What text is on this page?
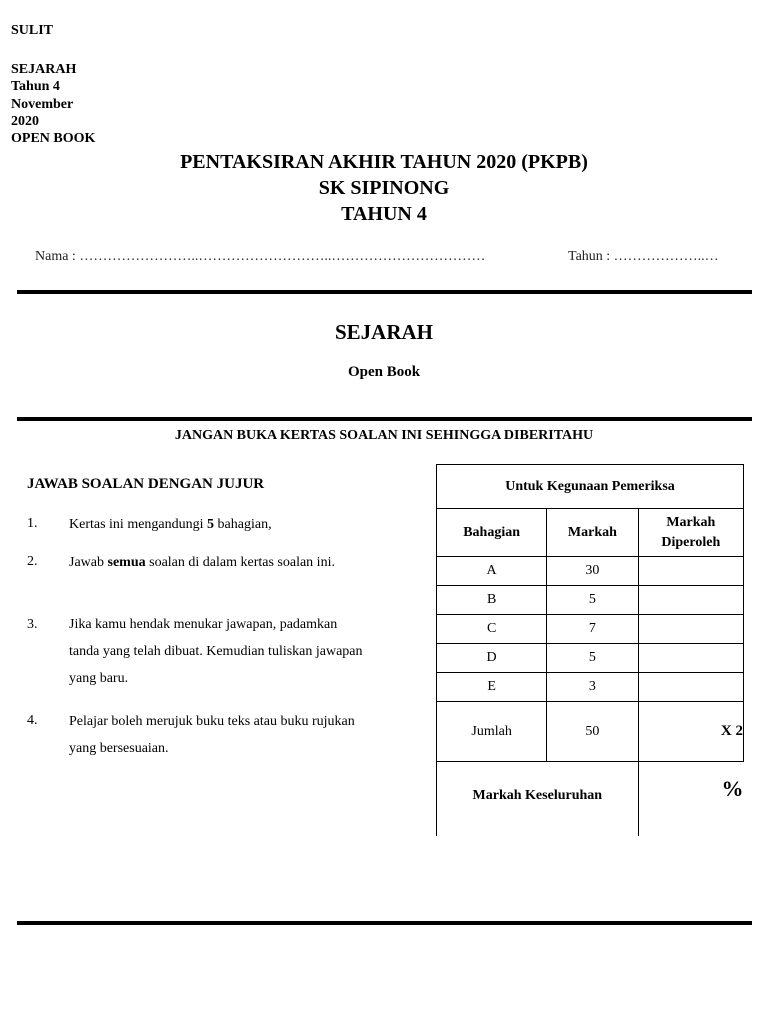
SULIT
SEJARAH
Tahun 4
November
2020
OPEN BOOK
PENTAKSIRAN AKHIR TAHUN 2020 (PKPB)
SK SIPINONG
TAHUN 4
Nama : ……………………..………………………..……………………………	Tahun : ………………..…
SEJARAH
Open Book
JANGAN BUKA KERTAS SOALAN INI SEHINGGA DIBERITAHU
JAWAB SOALAN DENGAN JUJUR
1. Kertas ini mengandungi 5 bahagian,
2. Jawab semua soalan di dalam kertas soalan ini.
3. Jika kamu hendak menukar jawapan, padamkan tanda yang telah dibuat. Kemudian tuliskan jawapan yang baru.
4. Pelajar boleh merujuk buku teks atau buku rujukan yang bersesuaian.
Untuk Kegunaan Pemeriksa		
Bahagian	Markah	Markah Diperoleh
A	30	
B	5	
C	7	
D	5	
E	3	
Jumlah	50	X 2
Markah Keseluruhan		%
